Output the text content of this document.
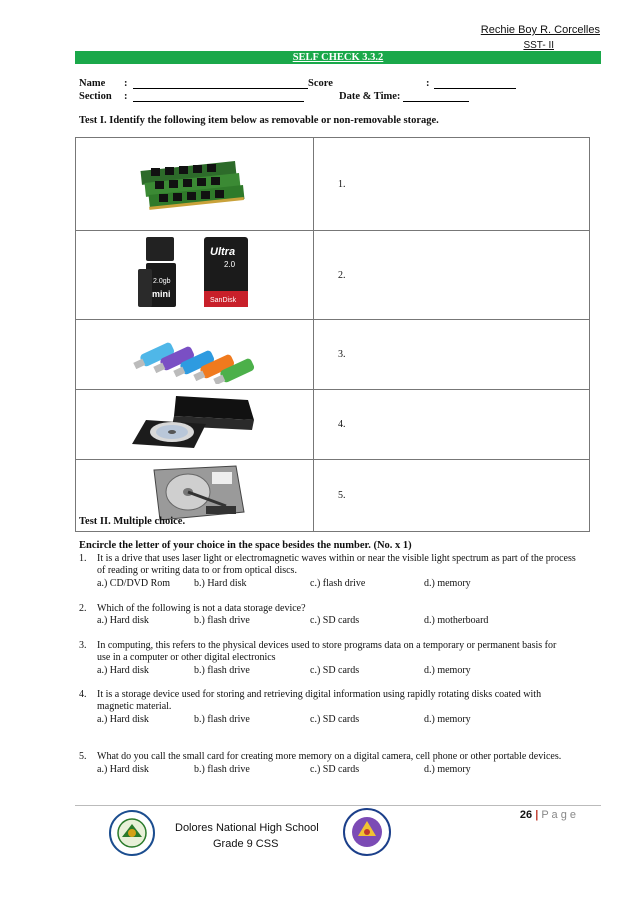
Rechie Boy R. Corcelles
SST- II
SELF CHECK 3.3.2
Name :	Score	:
Section :	Date & Time:
Test I. Identify the following item below as removable or non-removable storage.
	1.

2.0gb
mini
Ultra
2.0
SanDisk	2.
	3.
	4.
	5.
Test II. Multiple choice.
Encircle the letter of your choice in the space besides the number. (No. x 1)
1. It is a drive that uses laser light or electromagnetic waves within or near the visible light spectrum as part of the process
of reading or writing data to or from optical discs.
a.) CD/DVD Rom b.) Hard disk	c.) flash drive	d.) memory
2. Which of the following is not a data storage device?
a.) Hard disk	b.) flash drive	c.) SD cards	d.) motherboard
3. In computing, this refers to the physical devices used to store programs data on a temporary or permanent basis for
use in a computer or other digital electronics
a.) Hard disk	b.) flash drive	c.) SD cards	d.) memory
4. It is a storage device used for storing and retrieving digital information using rapidly rotating disks coated with
magnetic material.
a.) Hard disk	b.) flash drive	c.) SD cards	d.) memory
5. What do you call the small card for creating more memory on a digital camera, cell phone or other portable devices.
a.) Hard disk	b.) flash drive	c.) SD cards	d.) memory
26 | P a g e
Dolores National High School
Grade 9 CSS
